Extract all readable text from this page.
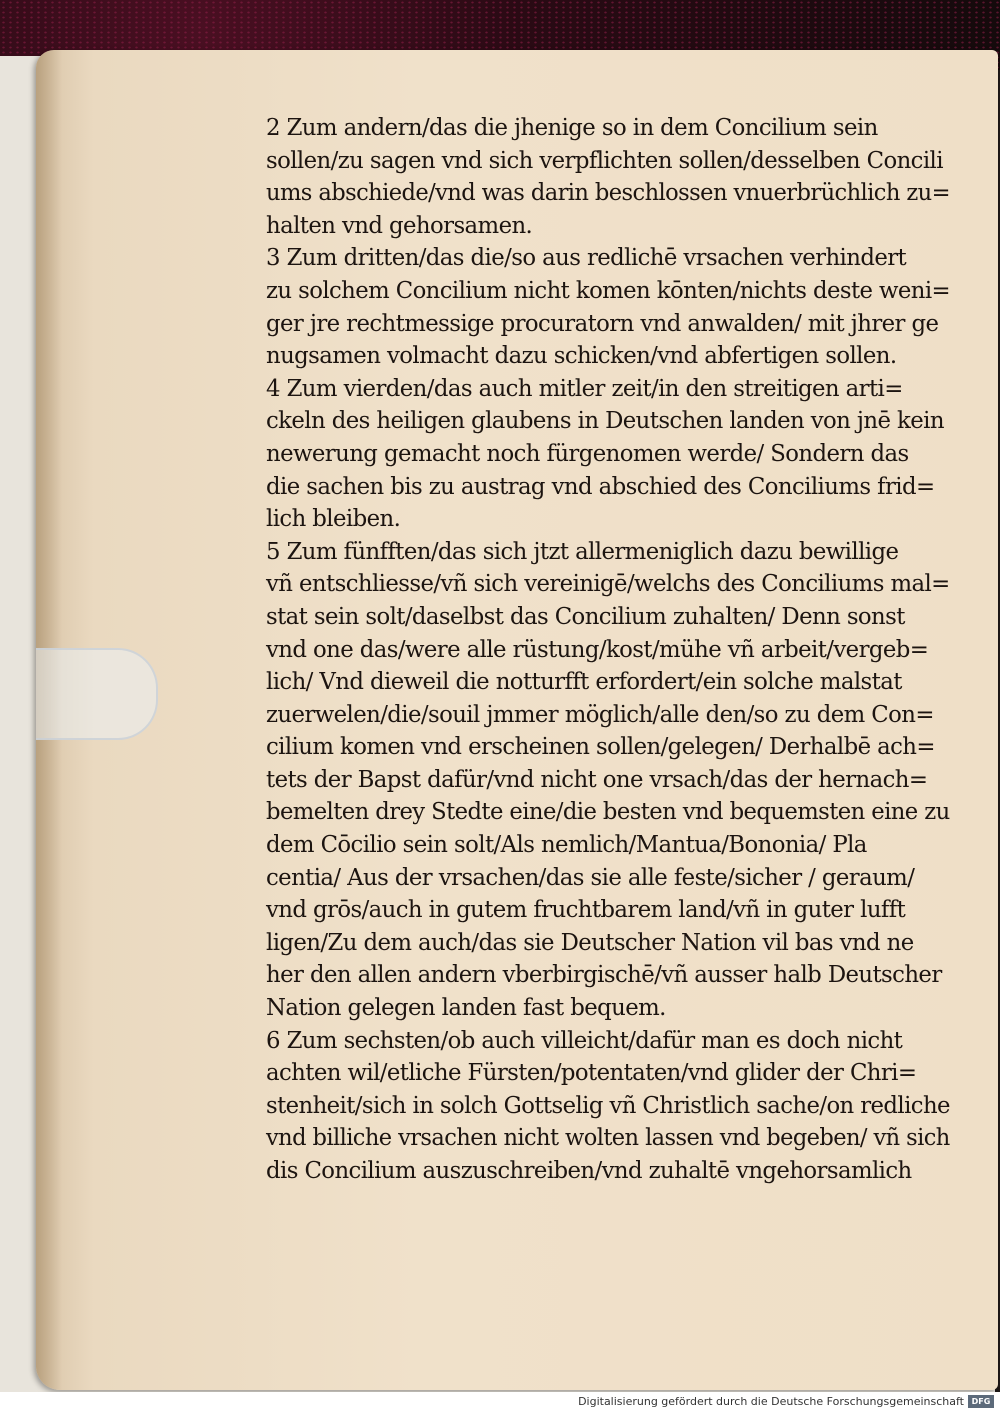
2 Zum andern/das die jhenige so in dem Concilium sein
sollen/zu sagen vnd sich verpflichten sollen/desselben Concili
ums abschiede/vnd was darin beschlossen vnuerbrüchlich zu=
halten vnd gehorsamen.
3 Zum dritten/das die/so aus redlichē vrsachen verhindert
zu solchem Concilium nicht komen kōnten/nichts deste weni=
ger jre rechtmessige procuratorn vnd anwalden/ mit jhrer ge
nugsamen volmacht dazu schicken/vnd abfertigen sollen.
4 Zum vierden/das auch mitler zeit/in den streitigen arti=
ckeln des heiligen glaubens in Deutschen landen von jnē kein
newerung gemacht noch fürgenomen werde/ Sondern das
die sachen bis zu austrag vnd abschied des Conciliums frid=
lich bleiben.
5 Zum fünfften/das sich jtzt allermeniglich dazu bewillige
vñ entschliesse/vñ sich vereinigē/welchs des Conciliums mal=
stat sein solt/daselbst das Concilium zuhalten/ Denn sonst
vnd one das/were alle rüstung/kost/mühe vñ arbeit/vergeb=
lich/ Vnd dieweil die notturfft erfordert/ein solche malstat
zuerwelen/die/souil jmmer möglich/alle den/so zu dem Con=
cilium komen vnd erscheinen sollen/gelegen/ Derhalbē ach=
tets der Bapst dafür/vnd nicht one vrsach/das der hernach=
bemelten drey Stedte eine/die besten vnd bequemsten eine zu
dem Cōcilio sein solt/Als nemlich/Mantua/Bononia/ Pla
centia/ Aus der vrsachen/das sie alle feste/sicher / geraum/
vnd grōs/auch in gutem fruchtbarem land/vñ in guter lufft
ligen/Zu dem auch/das sie Deutscher Nation vil bas vnd ne
her den allen andern vberbirgischē/vñ ausser halb Deutscher
Nation gelegen landen fast bequem.
6 Zum sechsten/ob auch villeicht/dafür man es doch nicht
achten wil/etliche Fürsten/potentaten/vnd glider der Chri=
stenheit/sich in solch Gottselig vñ Christlich sache/on redliche
vnd billiche vrsachen nicht wolten lassen vnd begeben/ vñ sich
dis Concilium auszuschreiben/vnd zuhaltē vngehorsamlich
Digitalisierung gefördert durch die Deutsche Forschungsgemeinschaft DFG
